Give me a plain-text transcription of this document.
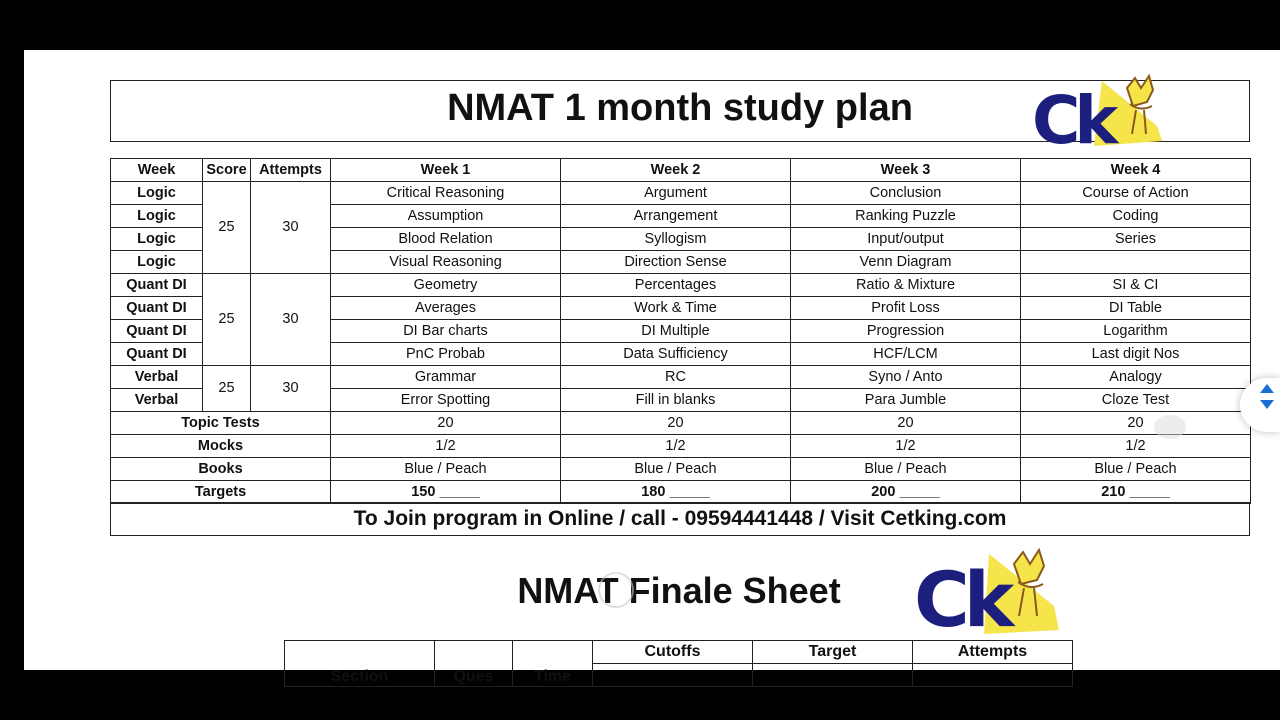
NMAT 1 month study plan	Ck
Week	Score	Attempts	Week 1	Week 2	Week 3	Week 4
Logic	25	30	Critical Reasoning	Argument	Conclusion	Course of Action
Logic			Assumption	Arrangement	Ranking Puzzle	Coding
Logic			Blood Relation	Syllogism	Input/output	Series
Logic			Visual Reasoning	Direction Sense	Venn Diagram	
Quant DI	25	30	Geometry	Percentages	Ratio & Mixture	SI & CI
Quant DI			Averages	Work & Time	Profit Loss	DI Table
Quant DI			DI Bar charts	DI Multiple	Progression	Logarithm
Quant DI			PnC Probab	Data Sufficiency	HCF/LCM	Last digit Nos
Verbal	25	30	Grammar	RC	Syno / Anto	Analogy
Verbal			Error Spotting	Fill in blanks	Para Jumble	Cloze Test
Topic Tests			20	20	20	20
Mocks			1/2	1/2	1/2	1/2
Books			Blue / Peach	Blue / Peach	Blue / Peach	Blue / Peach
Targets			150 _____	180 _____	200 _____	210 _____
To Join program in Online / call - 09594441448 / Visit Cetking.com
NMAT Finale Sheet Ck
Section	Ques	Time	Cutoffs	Target	Attempts
